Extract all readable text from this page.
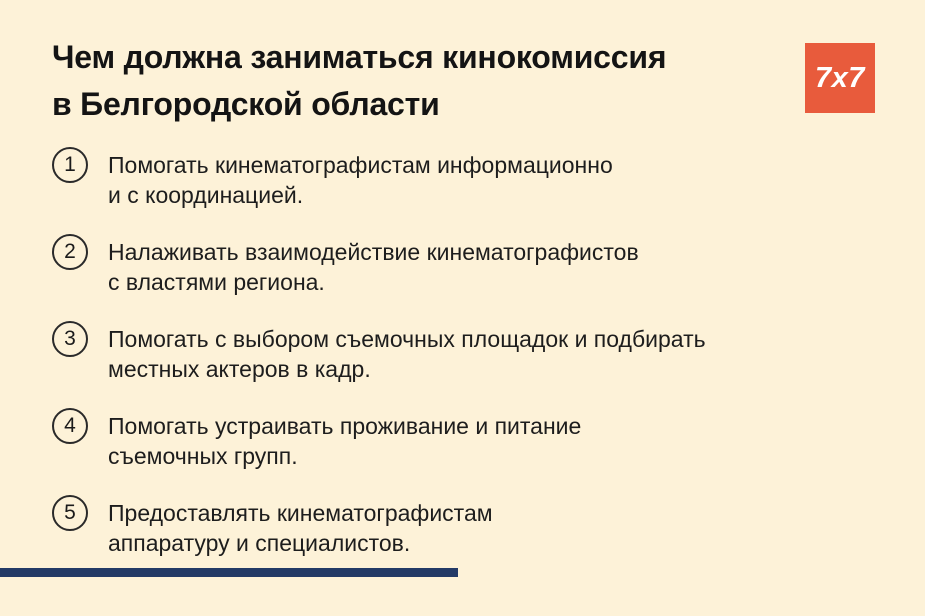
Чем должна заниматься кинокомиссия
в Белгородской области
7x7
1	Помогать кинематографистам информационно
и с координацией.
2	Налаживать взаимодействие кинематографистов
с властями региона.
3	Помогать с выбором съемочных площадок и подбирать
местных актеров в кадр.
4	Помогать устраивать проживание и питание
съемочных групп.
5	Предоставлять кинематографистам
аппаратуру и специалистов.
